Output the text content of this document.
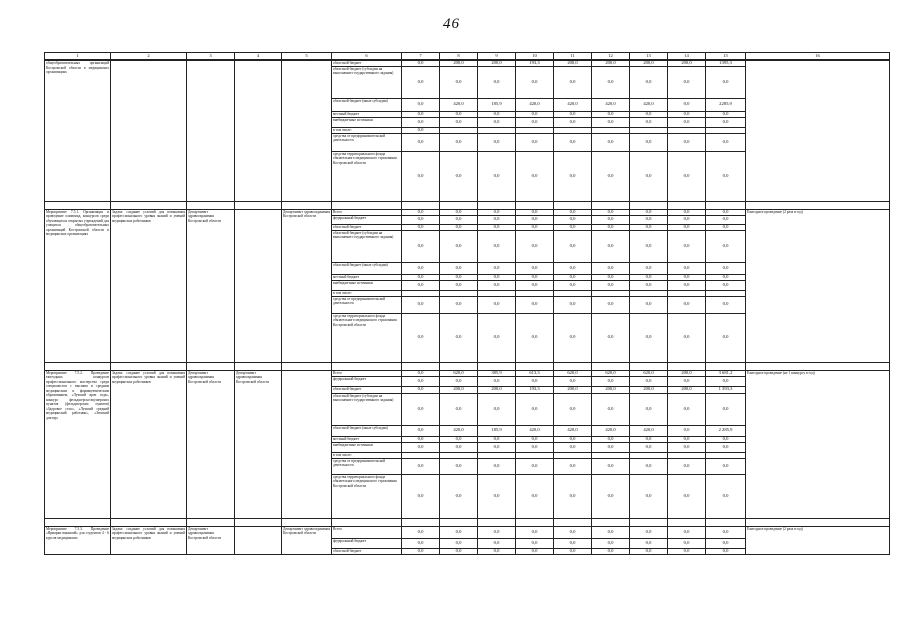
46
1	2	3	4	5	6	7	8	9	10	11	12	13	14	15	16
общеобразовательных организаций Костромской области в медицинских организациях					областной бюджет	0,0	200,0	200,0	193,3	200,0	200,0	200,0	200,0	1395,3	
					областной бюджет (субсидии на выполнение государственного задания)	0,0	0,0	0,0	0,0	0,0	0,0	0,0	0,0	0,0	
					областной бюджет (иные субсидии)	0,0	420,0	185,9	420,0	420,0	420,0	420,0	0,0	2285,9	
					местный бюджет	0,0	0,0	0,0	0,0	0,0	0,0	0,0	0,0	0,0	
					внебюджетные источники	0,0	0,0	0,0	0,0	0,0	0,0	0,0	0,0	0,0	
					в том числе:	0,0									
					средства от предпринимательской деятельности	0,0	0,0	0,0	0,0	0,0	0,0	0,0	0,0	0,0	
					средства территориального фонда обязательного медицинского страхования Костромской области	0,0	0,0	0,0	0,0	0,0	0,0	0,0	0,0	0,0	

Мероприятие 7.5.1. Организация и проведение олимпиад, конкурсов среди обучающихся открытых учреждений для учащихся общеобразовательных организаций Костромской области в медицинских организациях	Задача: создание условий для повышения профессионального уровня знаний и умений медицинских работников	Департамент здравоохранения Костромской области		Департамент здравоохранения Костромской области	Всего	0,0	0,0	0,0	0,0	0,0	0,0	0,0	0,0	0,0	Ежегодное проведение (2 раза в год)
					федеральный бюджет	0,0	0,0	0,0	0,0	0,0	0,0	0,0	0,0	0,0	
					областной бюджет	0,0	0,0	0,0	0,0	0,0	0,0	0,0	0,0	0,0	
					областной бюджет (субсидии на выполнение государственного задания)	0,0	0,0	0,0	0,0	0,0	0,0	0,0	0,0	0,0	
					областной бюджет (иные субсидии)	0,0	0,0	0,0	0,0	0,0	0,0	0,0	0,0	0,0	
					местный бюджет	0,0	0,0	0,0	0,0	0,0	0,0	0,0	0,0	0,0	
					внебюджетные источники	0,0	0,0	0,0	0,0	0,0	0,0	0,0	0,0	0,0	
					в том числе:										
					средства от предпринимательской деятельности	0,0	0,0	0,0	0,0	0,0	0,0	0,0	0,0	0,0	
					средства территориального фонда обязательного медицинского страхования Костромской области	0,0	0,0	0,0	0,0	0,0	0,0	0,0	0,0	0,0	

Мероприятие 7.5.2. Проведение ежегодных конкурсов профессионального мастерства среди специалистов с высшим и средним медицинским и фармацевтическим образованием, «Лучший врач года», конкурс фельдшерско-акушерских пунктов (фельдшерских пунктов) «Здоровое село», «Лучший средний медицинский работник», «Земский доктор»	Задача: создание условий для повышения профессионального уровня знаний и умений медицинских работников	Департамент здравоохранения Костромской области	Департамент здравоохранения Костромской области		Всего	0,0	620,0	385,9	613,3	620,0	620,0	620,0	200,0	3 681,2	Ежегодное проведение (не 1 конкурсу в год)
					федеральный бюджет	0,0	0,0	0,0	0,0	0,0	0,0	0,0	0,0	0,0	
					областной бюджет	0,0	200,0	200,0	193,3	200,0	200,0	200,0	200,0	1 393,3	
					областной бюджет (субсидии на выполнение государственного задания)	0,0	0,0	0,0	0,0	0,0	0,0	0,0	0,0	0,0	
					областной бюджет (иные субсидии)	0,0	420,0	185,9	420,0	420,0	420,0	420,0	0,0	2 285,9	
					местный бюджет	0,0	0,0	0,0	0,0	0,0	0,0	0,0	0,0	0,0	
					внебюджетные источники	0,0	0,0	0,0	0,0	0,0	0,0	0,0	0,0	0,0	
					в том числе:										
					средства от предпринимательской деятельности	0,0	0,0	0,0	0,0	0,0	0,0	0,0	0,0	0,0	
					средства территориального фонда обязательного медицинского страхования Костромской области	0,0	0,0	0,0	0,0	0,0	0,0	0,0	0,0	0,0	

Мероприятие 7.5.3. Проведение «Ярмарки вакансий» для студентов 4 - 6 курсов медицинских	Задача: создание условий для повышения профессионального уровня знаний и умений медицинских работников	Департамент здравоохранения Костромской области		Департамент здравоохранения Костромской области	Всего	0,0	0,0	0,0	0,0	0,0	0,0	0,0	0,0	0,0	Ежегодное проведение (2 раза в год)
					федеральный бюджет	0,0	0,0	0,0	0,0	0,0	0,0	0,0	0,0	0,0	
					областной бюджет	0,0	0,0	0,0	0,0	0,0	0,0	0,0	0,0	0,0	
